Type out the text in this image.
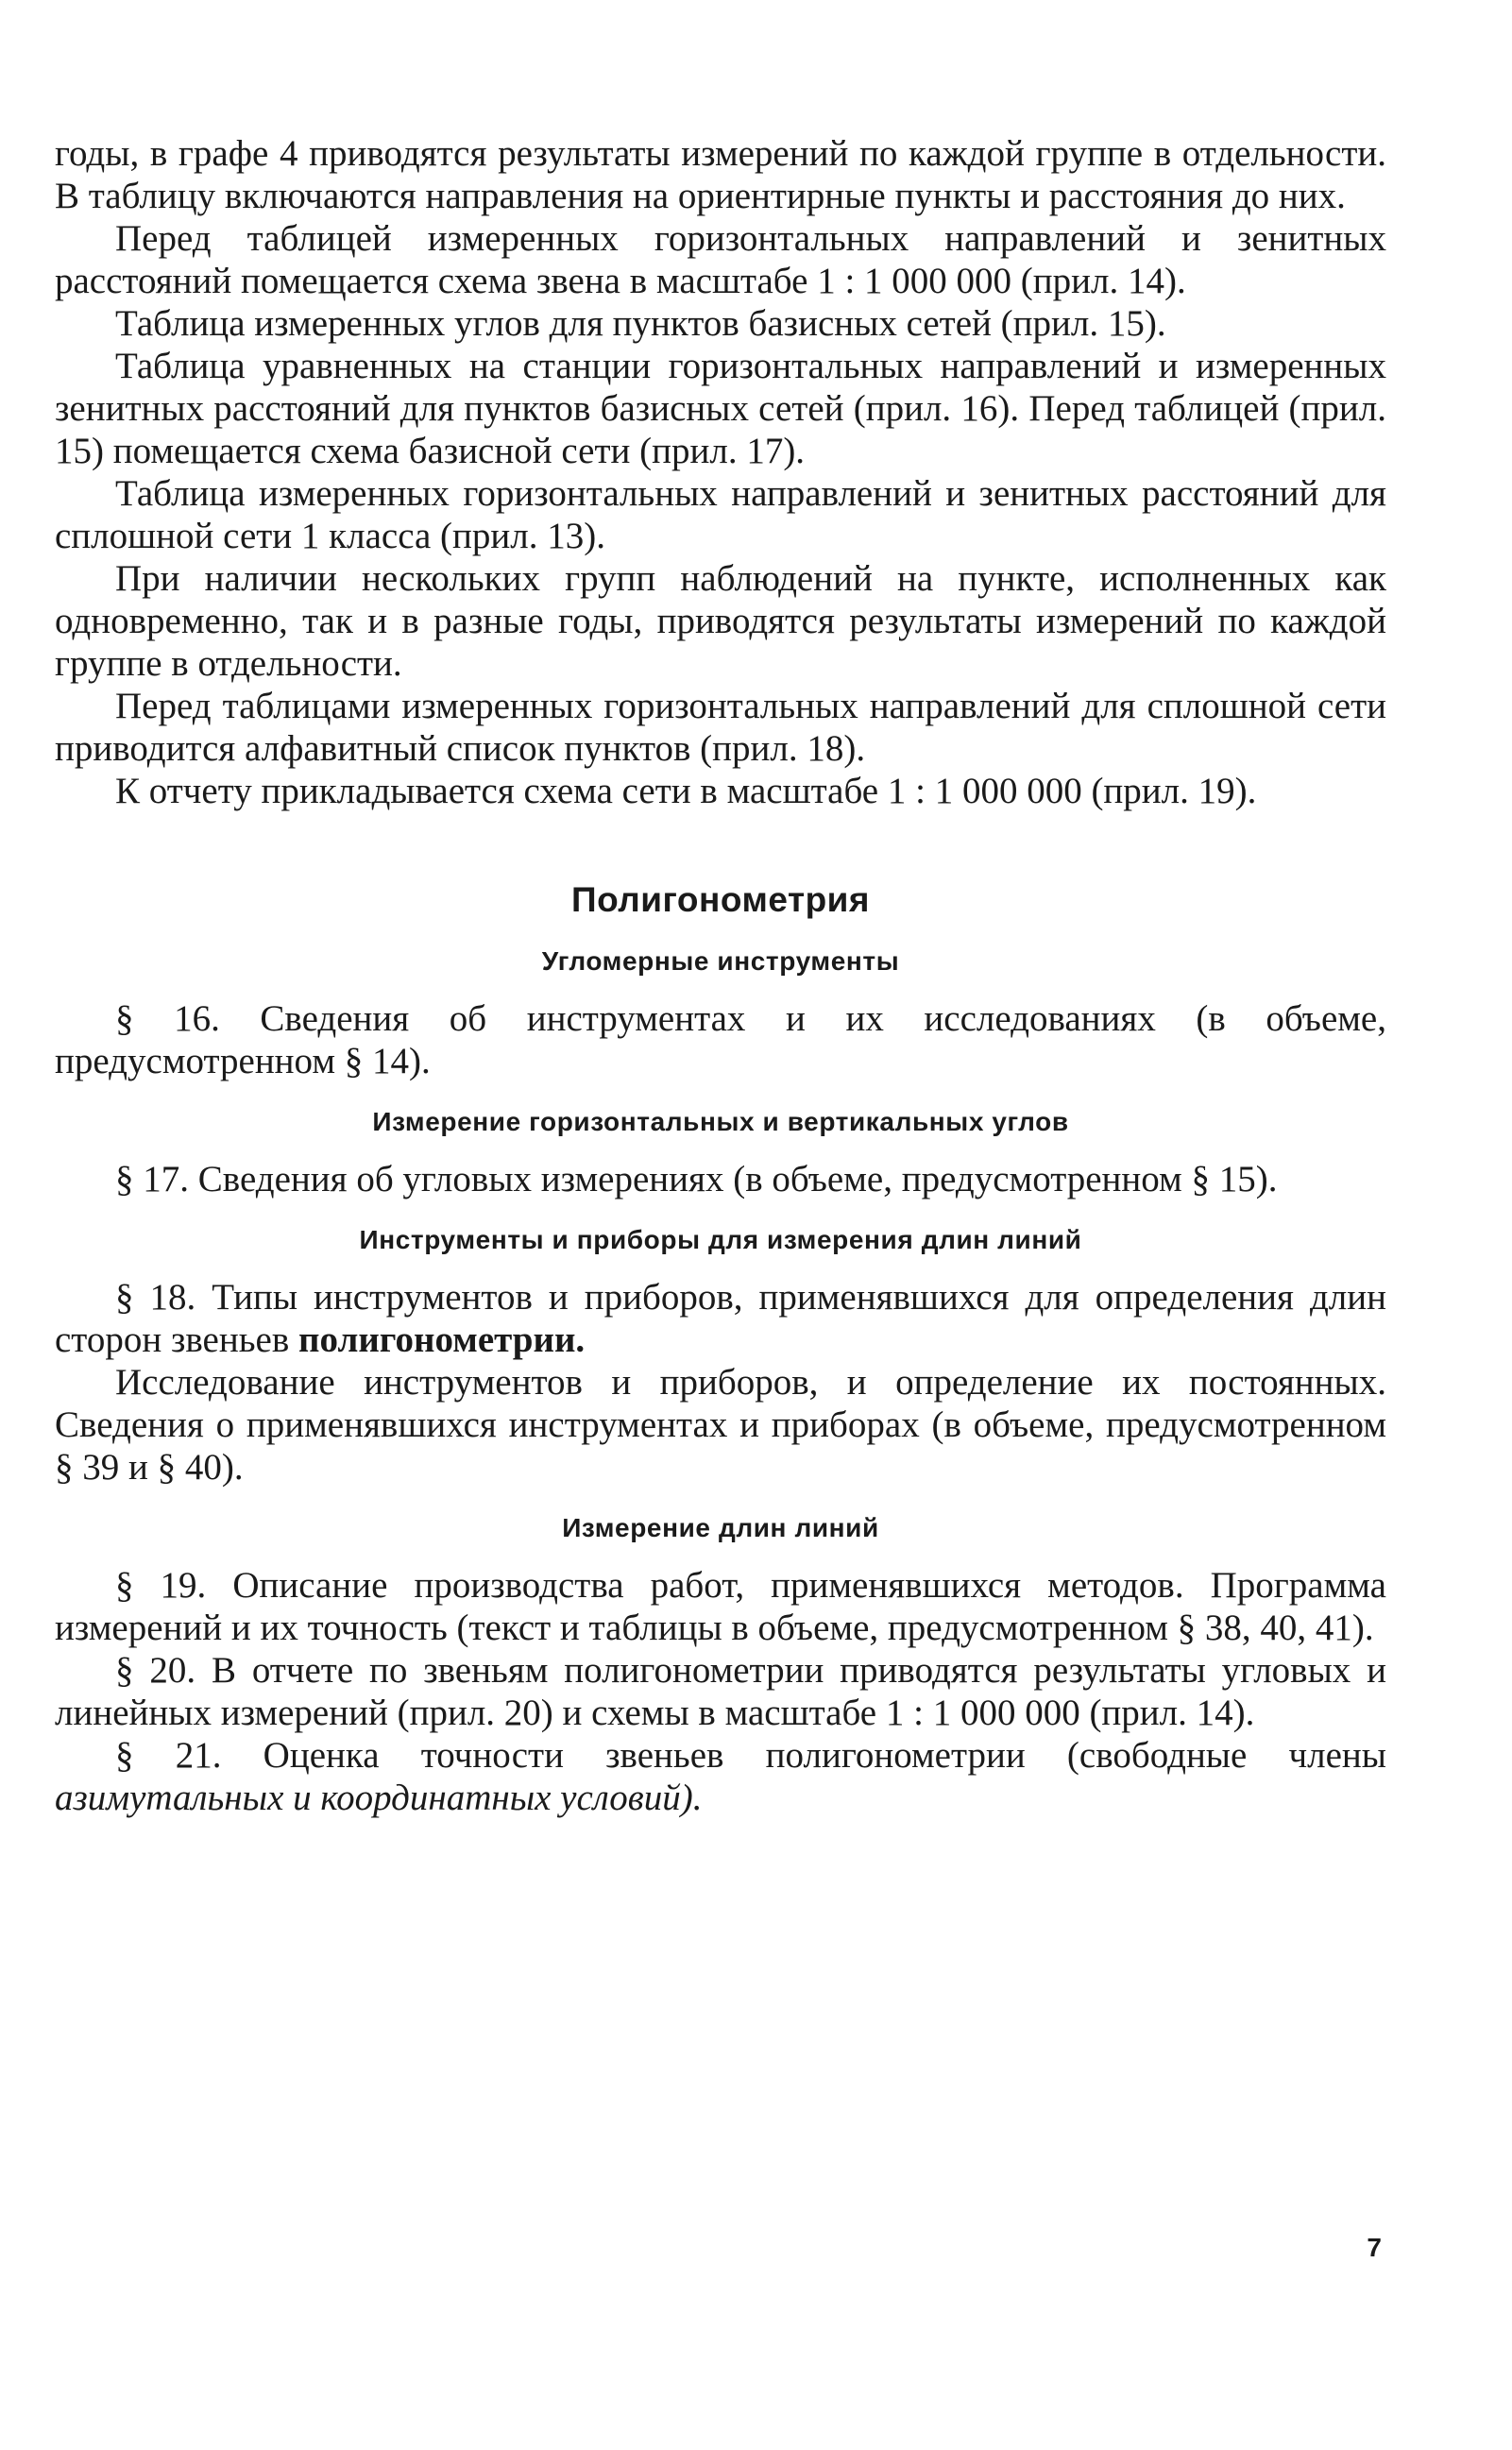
годы, в графе 4 приводятся результаты измерений по каждой группе в отдельности. В таблицу включаются направления на ориентирные пункты и расстояния до них.

Перед таблицей измеренных горизонтальных направлений и зенитных расстояний помещается схема звена в масштабе 1 : 1 000 000 (прил. 14).

Таблица измеренных углов для пунктов базисных сетей (прил. 15).

Таблица уравненных на станции горизонтальных направлений и измеренных зенитных расстояний для пунктов базисных сетей (прил. 16). Перед таблицей (прил. 15) помещается схема базисной сети (прил. 17).

Таблица измеренных горизонтальных направлений и зенитных расстояний для сплошной сети 1 класса (прил. 13).

При наличии нескольких групп наблюдений на пункте, исполненных как одновременно, так и в разные годы, приводятся результаты измерений по каждой группе в отдельности.

Перед таблицами измеренных горизонтальных направлений для сплошной сети приводится алфавитный список пунктов (прил. 18).

К отчету прикладывается схема сети в масштабе 1 : 1 000 000 (прил. 19).

Полигонометрия
Угломерные инструменты

§ 16. Сведения об инструментах и их исследованиях (в объеме, предусмотренном § 14).

Измерение горизонтальных и вертикальных углов

§ 17. Сведения об угловых измерениях (в объеме, предусмотренном § 15).

Инструменты и приборы для измерения длин линий

§ 18. Типы инструментов и приборов, применявшихся для определения длин сторон звеньев полигонометрии.

Исследование инструментов и приборов, и определение их постоянных. Сведения о применявшихся инструментах и приборах (в объеме, предусмотренном § 39 и § 40).

Измерение длин линий

§ 19. Описание производства работ, применявшихся методов. Программа измерений и их точность (текст и таблицы в объеме, предусмотренном § 38, 40, 41).

§ 20. В отчете по звеньям полигонометрии приводятся результаты угловых и линейных измерений (прил. 20) и схемы в масштабе 1 : 1 000 000 (прил. 14).

§ 21. Оценка точности звеньев полигонометрии (свободные члены азимутальных и координатных условий).

7
